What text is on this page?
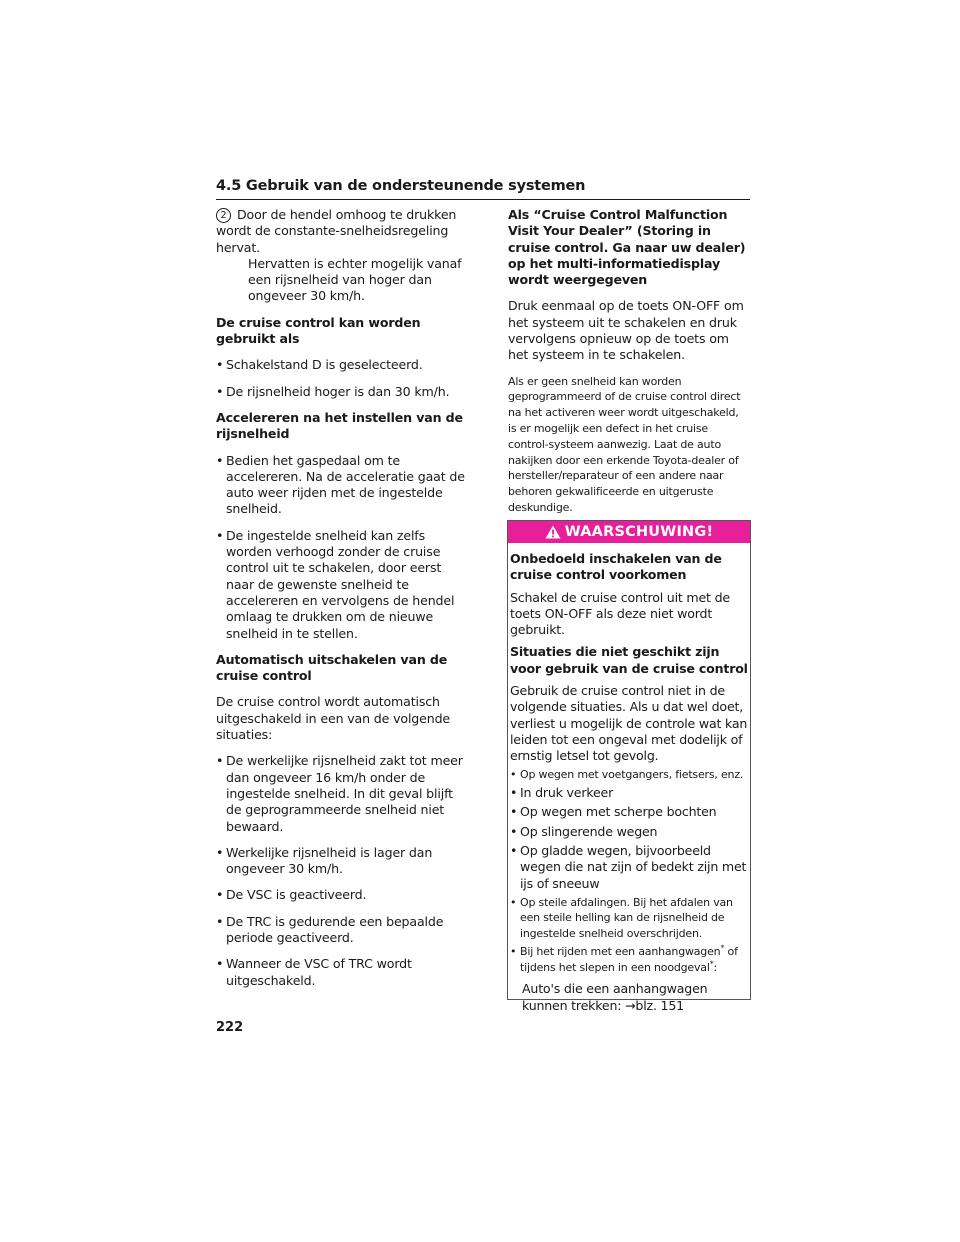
4.5 Gebruik van de ondersteunende systemen

2 Door de hendel omhoog te drukken wordt de constante-snelheidsregeling hervat.

Hervatten is echter mogelijk vanaf een rijsnelheid van hoger dan ongeveer 30 km/h.

De cruise control kan worden gebruikt als

• Schakelstand D is geselecteerd.
• De rijsnelheid hoger is dan 30 km/h.

Accelereren na het instellen van de rijsnelheid

• Bedien het gaspedaal om te accelereren. Na de acceleratie gaat de auto weer rijden met de ingestelde snelheid.
• De ingestelde snelheid kan zelfs worden verhoogd zonder de cruise control uit te schakelen, door eerst naar de gewenste snelheid te accelereren en vervolgens de hendel omlaag te drukken om de nieuwe snelheid in te stellen.

Automatisch uitschakelen van de cruise control

De cruise control wordt automatisch uitgeschakeld in een van de volgende situaties:

• De werkelijke rijsnelheid zakt tot meer dan ongeveer 16 km/h onder de ingestelde snelheid. In dit geval blijft de geprogrammeerde snelheid niet bewaard.
• Werkelijke rijsnelheid is lager dan ongeveer 30 km/h.
• De VSC is geactiveerd.
• De TRC is gedurende een bepaalde periode geactiveerd.
• Wanneer de VSC of TRC wordt uitgeschakeld.

Als “Cruise Control Malfunction Visit Your Dealer” (Storing in cruise control. Ga naar uw dealer) op het multi-informatiedisplay wordt weergegeven

Druk eenmaal op de toets ON-OFF om het systeem uit te schakelen en druk vervolgens opnieuw op de toets om het systeem in te schakelen.

Als er geen snelheid kan worden geprogrammeerd of de cruise control direct na het activeren weer wordt uitgeschakeld, is er mogelijk een defect in het cruise control-systeem aanwezig. Laat de auto nakijken door een erkende Toyota-dealer of hersteller/reparateur of een andere naar behoren gekwalificeerde en uitgeruste deskundige.

WAARSCHUWING!

Onbedoeld inschakelen van de cruise control voorkomen

Schakel de cruise control uit met de toets ON-OFF als deze niet wordt gebruikt.

Situaties die niet geschikt zijn voor gebruik van de cruise control

Gebruik de cruise control niet in de volgende situaties. Als u dat wel doet, verliest u mogelijk de controle wat kan leiden tot een ongeval met dodelijk of ernstig letsel tot gevolg.

• Op wegen met voetgangers, fietsers, enz.
• In druk verkeer
• Op wegen met scherpe bochten
• Op slingerende wegen
• Op gladde wegen, bijvoorbeeld wegen die nat zijn of bedekt zijn met ijs of sneeuw
• Op steile afdalingen. Bij het afdalen van een steile helling kan de rijsnelheid de ingestelde snelheid overschrijden.
• Bij het rijden met een aanhangwagen* of tijdens het slepen in een noodgeval*:

Auto's die een aanhangwagen kunnen trekken: →blz. 151

222
